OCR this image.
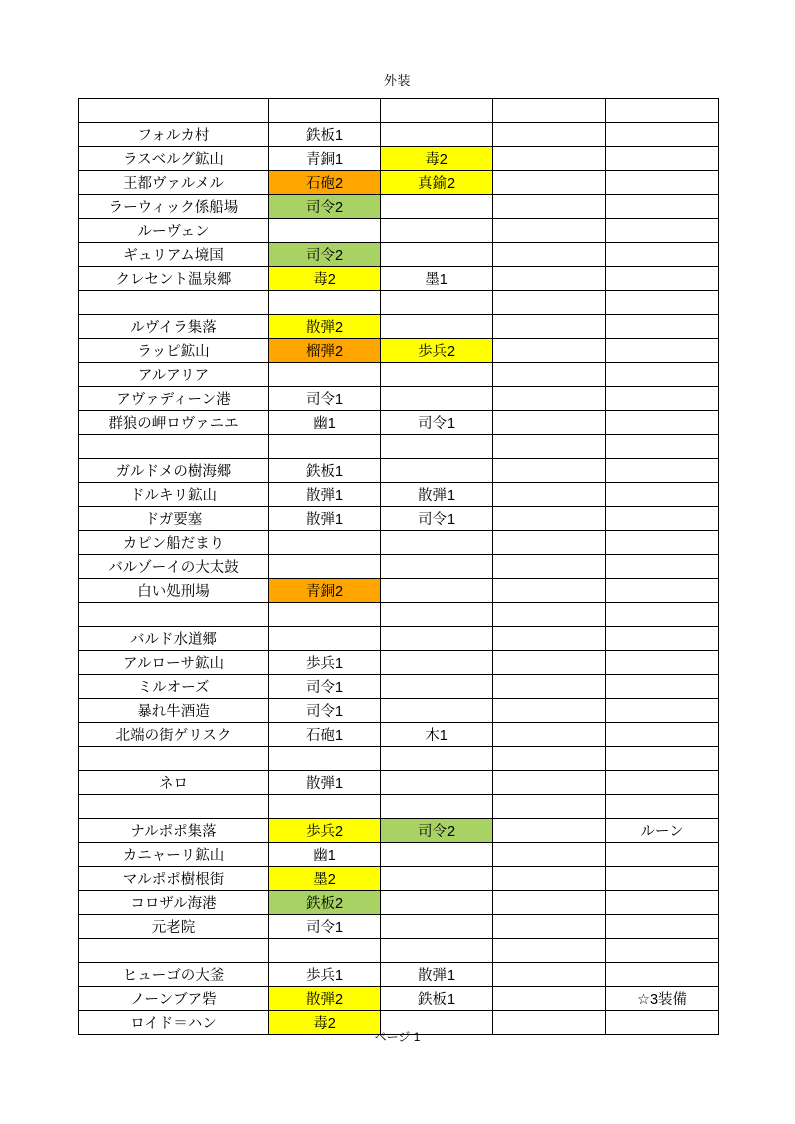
外装

フォルカ村	鉄板1			
ラスベルグ鉱山	青銅1	毒2		
王都ヴァルメル	石砲2	真鍮2		
ラーウィック係船場	司令2			
ルーヴェン				
ギュリアム境国	司令2			
クレセント温泉郷	毒2	墨1		

ルヴイラ集落	散弾2			
ラッピ鉱山	榴弾2	歩兵2		
アルアリア				
アヴァディーン港	司令1			
群狼の岬ロヴァニエ	幽1	司令1		

ガルドメの樹海郷	鉄板1			
ドルキリ鉱山	散弾1	散弾1		
ドガ要塞	散弾1	司令1		
カピン船だまり				
バルゾーイの大太鼓				
白い処刑場	青銅2			

バルド水道郷				
アルローサ鉱山	歩兵1			
ミルオーズ	司令1			
暴れ牛酒造	司令1			
北端の街ゲリスク	石砲1	木1		

ネロ	散弾1			

ナルポポ集落	歩兵2	司令2		ルーン
カニャーリ鉱山	幽1			
マルポポ樹根街	墨2			
コロザル海港	鉄板2			
元老院	司令1			

ヒューゴの大釜	歩兵1	散弾1		
ノーンブア砦	散弾2	鉄板1		☆3装備
ロイド＝ハン	毒2			
ページ 1
